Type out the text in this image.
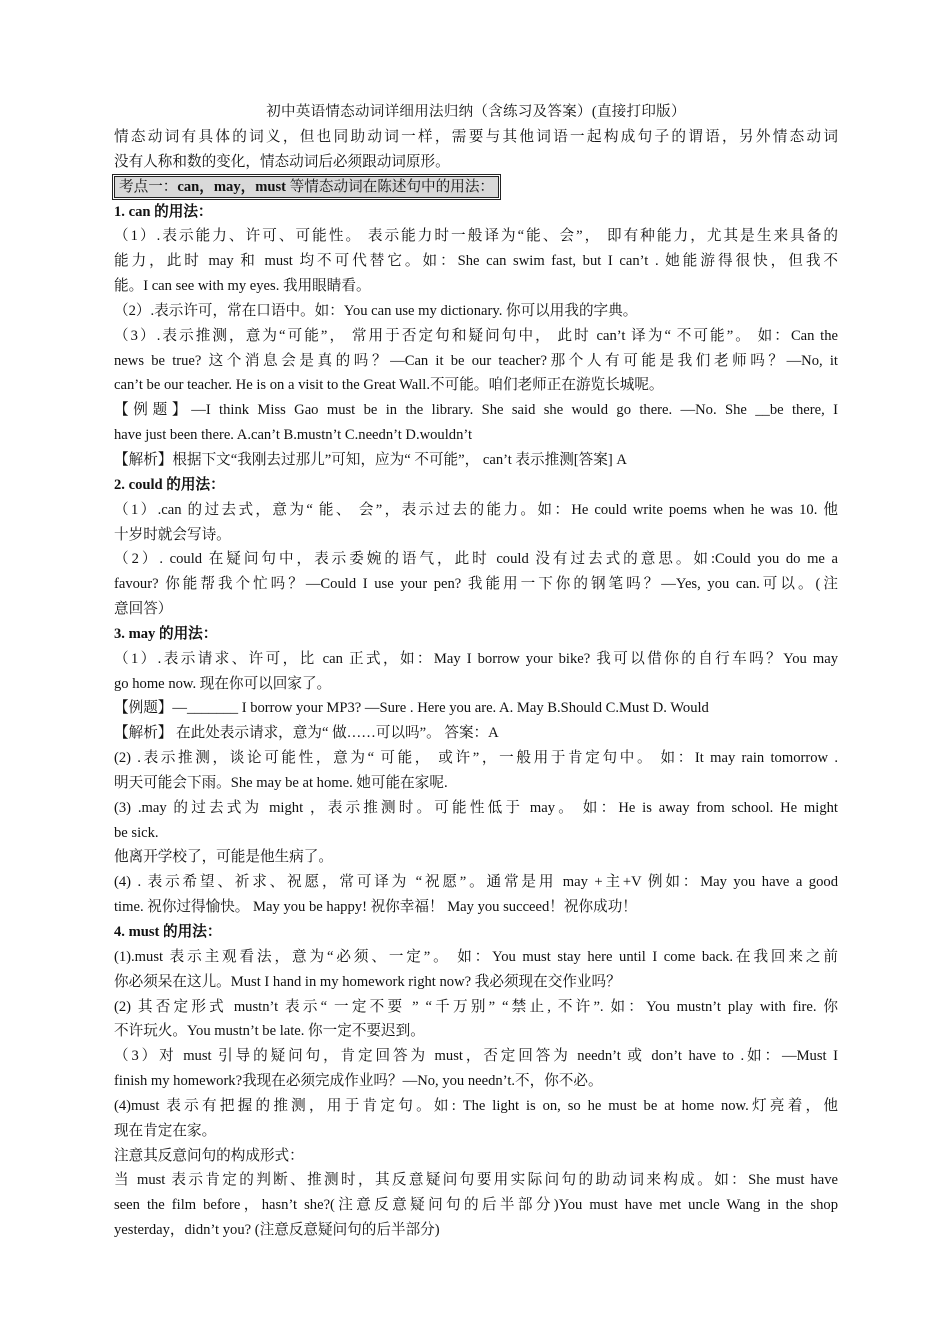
初中英语情态动词详细用法归纳（含练习及答案）(直接打印版）
情态动词有具体的词义，但也同助动词一样，需要与其他词语一起构成句子的谓语，另外情态动词
没有人称和数的变化，情态动词后必须跟动词原形。
考点一：can，may，must 等情态动词在陈述句中的用法：
1. can 的用法：
（1）.表示能力、许可、可能性。 表示能力时一般译为“能、会”， 即有种能力，尤其是生来具备的
能力，此时 may 和 must 均不可代替它。如：She can swim fast, but I can’t . 她能游得很快，但我不
能。I can see with my eyes. 我用眼睛看。
（2）.表示许可，常在口语中。如：You can use my dictionary. 你可以用我的字典。
（3）.表示推测，意为“可能”， 常用于否定句和疑问句中， 此时 can’t 译为“ 不可能”。 如：Can the
news be true? 这个消息会是真的吗？—Can it be our teacher?那个人有可能是我们老师吗？—No, it
can’t be our teacher. He is on a visit to the Great Wall.不可能。咱们老师正在游览长城呢。
【例题】—I think Miss Gao must be in the library. She said she would go there. —No. She __be there, I
have just been there. A.can’t B.mustn’t C.needn’t D.wouldn’t
【解析】根据下文“我刚去过那儿”可知，应为“ 不可能”， can’t 表示推测[答案] A
2. could 的用法：
（1）.can 的过去式，意为“ 能、 会”，表示过去的能力。如：He could write poems when he was 10. 他
十岁时就会写诗。
（2）. could 在疑问句中，表示委婉的语气，此时 could 没有过去式的意思。如:Could you do me a
favour? 你能帮我个忙吗？—Could I use your pen? 我能用一下你的钢笔吗？—Yes, you can.可以。(注
意回答）
3. may 的用法：
（1）.表示请求、许可，比 can 正式，如：May I borrow your bike? 我可以借你的自行车吗？You may
go home now. 现在你可以回家了。
【例题】—_______ I borrow your MP3? —Sure . Here you are. A. May B.Should C.Must D. Would
【解析】 在此处表示请求，意为“ 做……可以吗”。 答案：A
(2) .表示推测，谈论可能性，意为“ 可能， 或许”，一般用于肯定句中。 如：It may rain tomorrow .
明天可能会下雨。She may be at home. 她可能在家呢.
(3) .may 的过去式为 might ，表示推测时。可能性低于 may。 如：He is away from school. He might
be sick.
他离开学校了，可能是他生病了。
(4) . 表示希望、祈求、祝愿，常可译为 “祝愿”。通常是用 may +主+V 例如：May you have a good
time. 祝你过得愉快。 May you be happy! 祝你幸福！ May you succeed！祝你成功！
4. must 的用法：
(1).must 表示主观看法，意为“必须、一定”。 如：You must stay here until I come back.在我回来之前
你必须呆在这儿。Must I hand in my homework right now? 我必须现在交作业吗？
(2) 其否定形式 mustn’t 表示“ 一定不要 ” “千万别” “禁止, 不许”. 如：You mustn’t play with fire. 你
不许玩火。You mustn’t be late. 你一定不要迟到。
（3）对 must 引导的疑问句，肯定回答为 must，否定回答为 needn’t 或 don’t have to .如：—Must I
finish my homework?我现在必须完成作业吗？—No, you needn’t.不，你不必。
(4)must 表示有把握的推测，用于肯定句。如: The light is on, so he must be at home now.灯亮着，他
现在肯定在家。
注意其反意问句的构成形式：
当 must 表示肯定的判断、推测时，其反意疑问句要用实际问句的助动词来构成。如：She must have
seen the film before，hasn’t she?(注意反意疑问句的后半部分)You must have met uncle Wang in the shop
yesterday，didn’t you? (注意反意疑问句的后半部分)
